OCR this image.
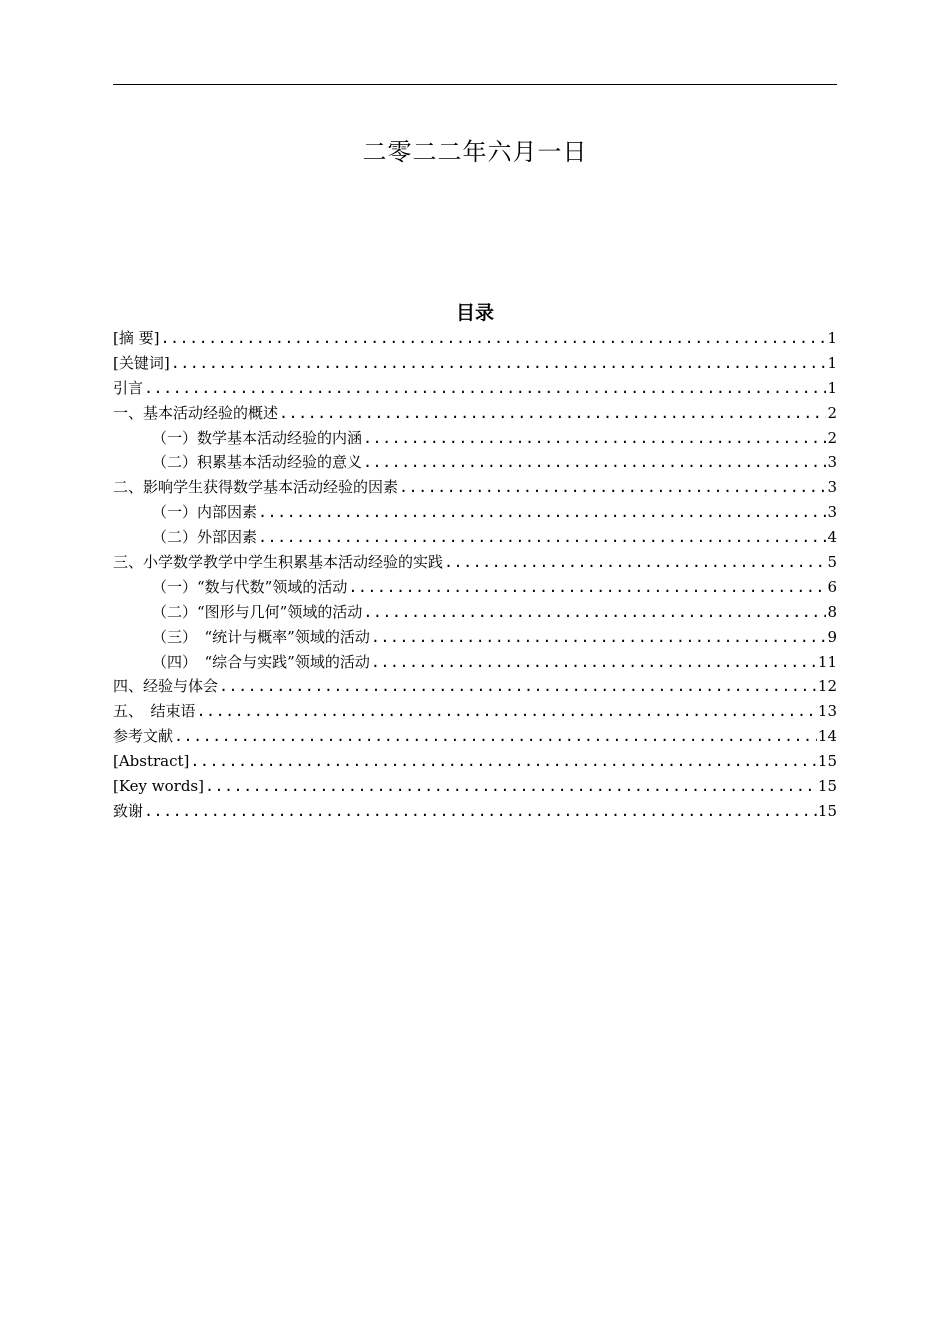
二零二二年六月一日
目录
[摘 要] .....	1
[关键词] .....	1
引言 .....	1
一、基本活动经验的概述 .....	2
（一）数学基本活动经验的内涵 .....	2
（二）积累基本活动经验的意义 .....	3
二、影响学生获得数学基本活动经验的因素 .....	3
（一）内部因素 .....	3
（二）外部因素 .....	4
三、小学数学教学中学生积累基本活动经验的实践 .....	5
（一）“数与代数”领域的活动 .....	6
（二）“图形与几何”领域的活动 .....	8
（三）　“统计与概率”领域的活动 .....	9
（四）　“综合与实践”领域的活动 .....	11
四、经验与体会 .....	12
五、　结束语 .....	13
参考文献 .....	14
[Abstract] .....	15
[Key words] .....	15
致谢 .....	15
